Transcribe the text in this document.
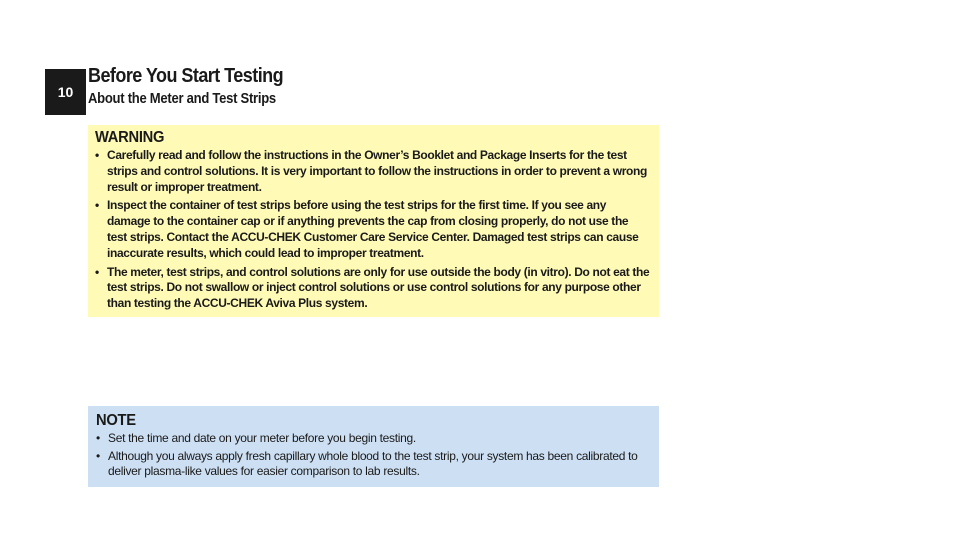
10
Before You Start Testing
About the Meter and Test Strips
WARNING
• Carefully read and follow the instructions in the Owner’s Booklet and Package Inserts for the test strips and control solutions. It is very important to follow the instructions in order to prevent a wrong result or improper treatment.
• Inspect the container of test strips before using the test strips for the first time. If you see any damage to the container cap or if anything prevents the cap from closing properly, do not use the test strips. Contact the ACCU-CHEK Customer Care Service Center. Damaged test strips can cause inaccurate results, which could lead to improper treatment.
• The meter, test strips, and control solutions are only for use outside the body (in vitro). Do not eat the test strips. Do not swallow or inject control solutions or use control solutions for any purpose other than testing the ACCU-CHEK Aviva Plus system.
NOTE
• Set the time and date on your meter before you begin testing.
• Although you always apply fresh capillary whole blood to the test strip, your system has been calibrated to deliver plasma-like values for easier comparison to lab results.
